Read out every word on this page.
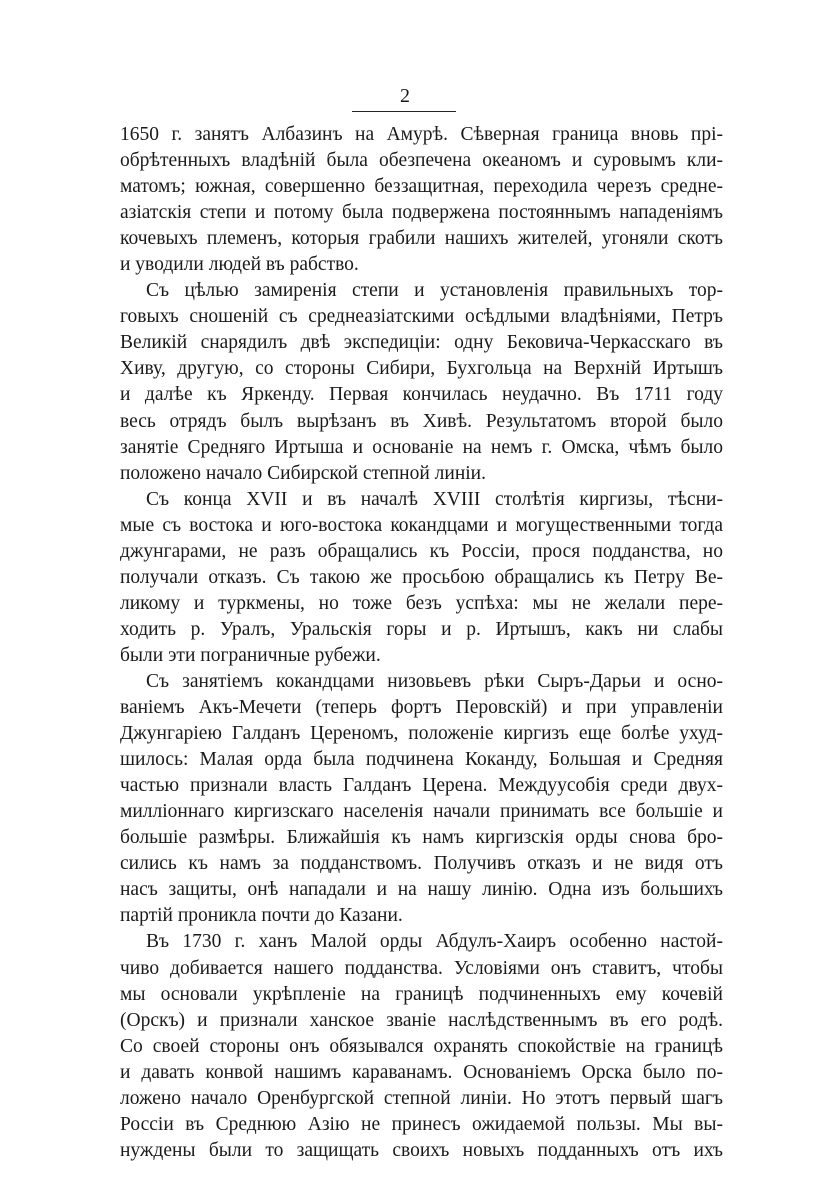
2
1650 г. занятъ Албазинъ на Амурѣ. Сѣверная граница вновь прі-
обрѣтенныхъ владѣній была обезпечена океаномъ и суровымъ кли-
матомъ; южная, совершенно беззащитная, переходила черезъ средне-
азіатскія степи и потому была подвержена постояннымъ нападеніямъ
кочевыхъ племенъ, которыя грабили нашихъ жителей, угоняли скотъ
и уводили людей въ рабство.
Съ цѣлью замиренія степи и установленія правильныхъ тор-
говыхъ сношеній съ среднеазіатскими осѣдлыми владѣніями, Петръ
Великій снарядилъ двѣ экспедиціи: одну Бековича-Черкасскаго въ
Хиву, другую, со стороны Сибири, Бухгольца на Верхній Иртышъ
и далѣе къ Яркенду. Первая кончилась неудачно. Въ 1711 году
весь отрядъ былъ вырѣзанъ въ Хивѣ. Результатомъ второй было
занятіе Средняго Иртыша и основаніе на немъ г. Омска, чѣмъ было
положено начало Сибирской степной линіи.
Съ конца XVII и въ началѣ XVIII столѣтія киргизы, тѣсни-
мые съ востока и юго-востока кокандцами и могущественными тогда
джунгарами, не разъ обращались къ Россіи, прося подданства, но
получали отказъ. Съ такою же просьбою обращались къ Петру Ве-
ликому и туркмены, но тоже безъ успѣха: мы не желали пере-
ходить р. Уралъ, Уральскія горы и р. Иртышъ, какъ ни слабы
были эти пограничные рубежи.
Съ занятіемъ кокандцами низовьевъ рѣки Сыръ-Дарьи и осно-
ваніемъ Акъ-Мечети (теперь фортъ Перовскій) и при управленіи
Джунгаріею Галданъ Цереномъ, положеніе киргизъ еще болѣе ухуд-
шилось: Малая орда была подчинена Коканду, Большая и Средняя
частью признали власть Галданъ Церена. Междуусобія среди двух-
милліоннаго киргизскаго населенія начали принимать все большіе и
большіе размѣры. Ближайшія къ намъ киргизскія орды снова бро-
сились къ намъ за подданствомъ. Получивъ отказъ и не видя отъ
насъ защиты, онѣ нападали и на нашу линію. Одна изъ большихъ
партій проникла почти до Казани.
Въ 1730 г. ханъ Малой орды Абдулъ-Хаиръ особенно настой-
чиво добивается нашего подданства. Условіями онъ ставитъ, чтобы
мы основали укрѣпленіе на границѣ подчиненныхъ ему кочевій
(Орскъ) и признали ханское званіе наслѣдственнымъ въ его родѣ.
Со своей стороны онъ обязывался охранять спокойствіе на границѣ
и давать конвой нашимъ караванамъ. Основаніемъ Орска было по-
ложено начало Оренбургской степной линіи. Но этотъ первый шагъ
Россіи въ Среднюю Азію не принесъ ожидаемой пользы. Мы вы-
нуждены были то защищать своихъ новыхъ подданныхъ отъ ихъ
